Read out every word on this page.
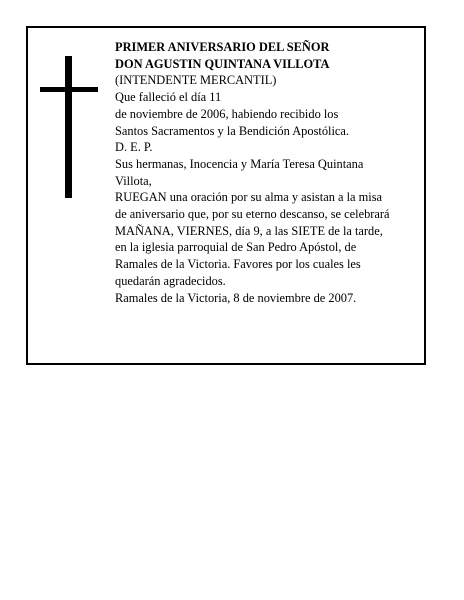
PRIMER ANIVERSARIO DEL SEÑOR
DON AGUSTIN QUINTANA VILLOTA
(INTENDENTE MERCANTIL)
Que falleció el día 11
de noviembre de 2006, habiendo recibido los
Santos Sacramentos y la Bendición Apostólica.
D. E. P.
Sus hermanas, Inocencia y María Teresa Quintana
Villota,
RUEGAN una oración por su alma y asistan a la misa
de aniversario que, por su eterno descanso, se celebrará
MAÑANA, VIERNES, día 9, a las SIETE de la tarde,
en la iglesia parroquial de San Pedro Apóstol, de
Ramales de la Victoria. Favores por los cuales les
quedarán agradecidos.
Ramales de la Victoria, 8 de noviembre de 2007.
